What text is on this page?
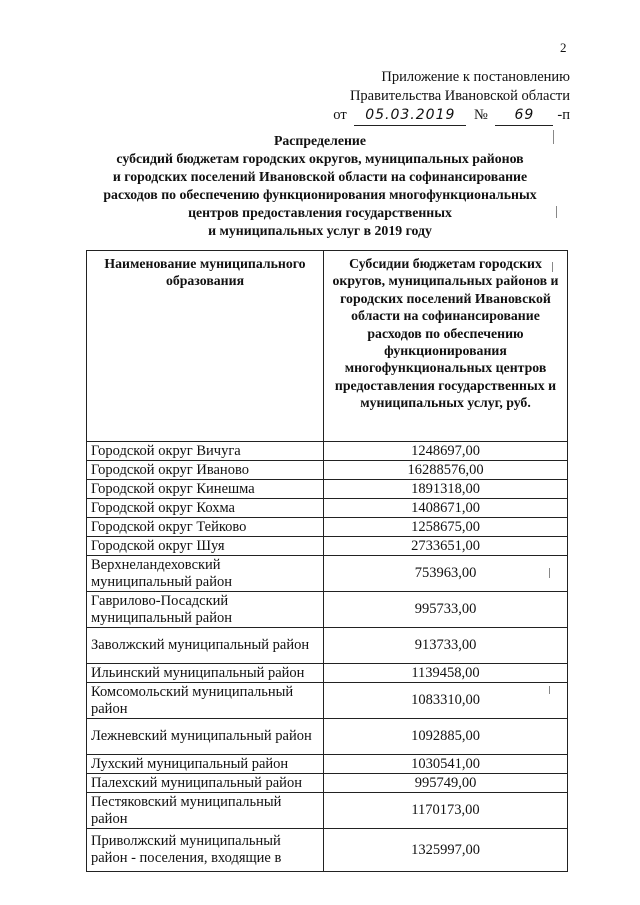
2
Приложение к постановлению
Правительства Ивановской области
от 05.03.2019 № 69 -п
Распределение
субсидий бюджетам городских округов, муниципальных районов
и городских поселений Ивановской области на софинансирование
расходов по обеспечению функционирования многофункциональных
центров предоставления государственных
и муниципальных услуг в 2019 году
Наименование муниципального образования	Субсидии бюджетам городских округов, муниципальных районов и городских поселений Ивановской области на софинансирование расходов по обеспечению функционирования многофункциональных центров предоставления государственных и муниципальных услуг, руб.
Городской округ Вичуга	1248697,00
Городской округ Иваново	16288576,00
Городской округ Кинешма	1891318,00
Городской округ Кохма	1408671,00
Городской округ Тейково	1258675,00
Городской округ Шуя	2733651,00
Верхнеландеховский муниципальный район	753963,00
Гаврилово-Посадский муниципальный район	995733,00
Заволжский муниципальный район	913733,00
Ильинский муниципальный район	1139458,00
Комсомольский муниципальный район	1083310,00
Лежневский муниципальный район	1092885,00
Лухский муниципальный район	1030541,00
Палехский муниципальный район	995749,00
Пестяковский муниципальный район	1170173,00
Приволжский муниципальный район - поселения, входящие в	1325997,00
